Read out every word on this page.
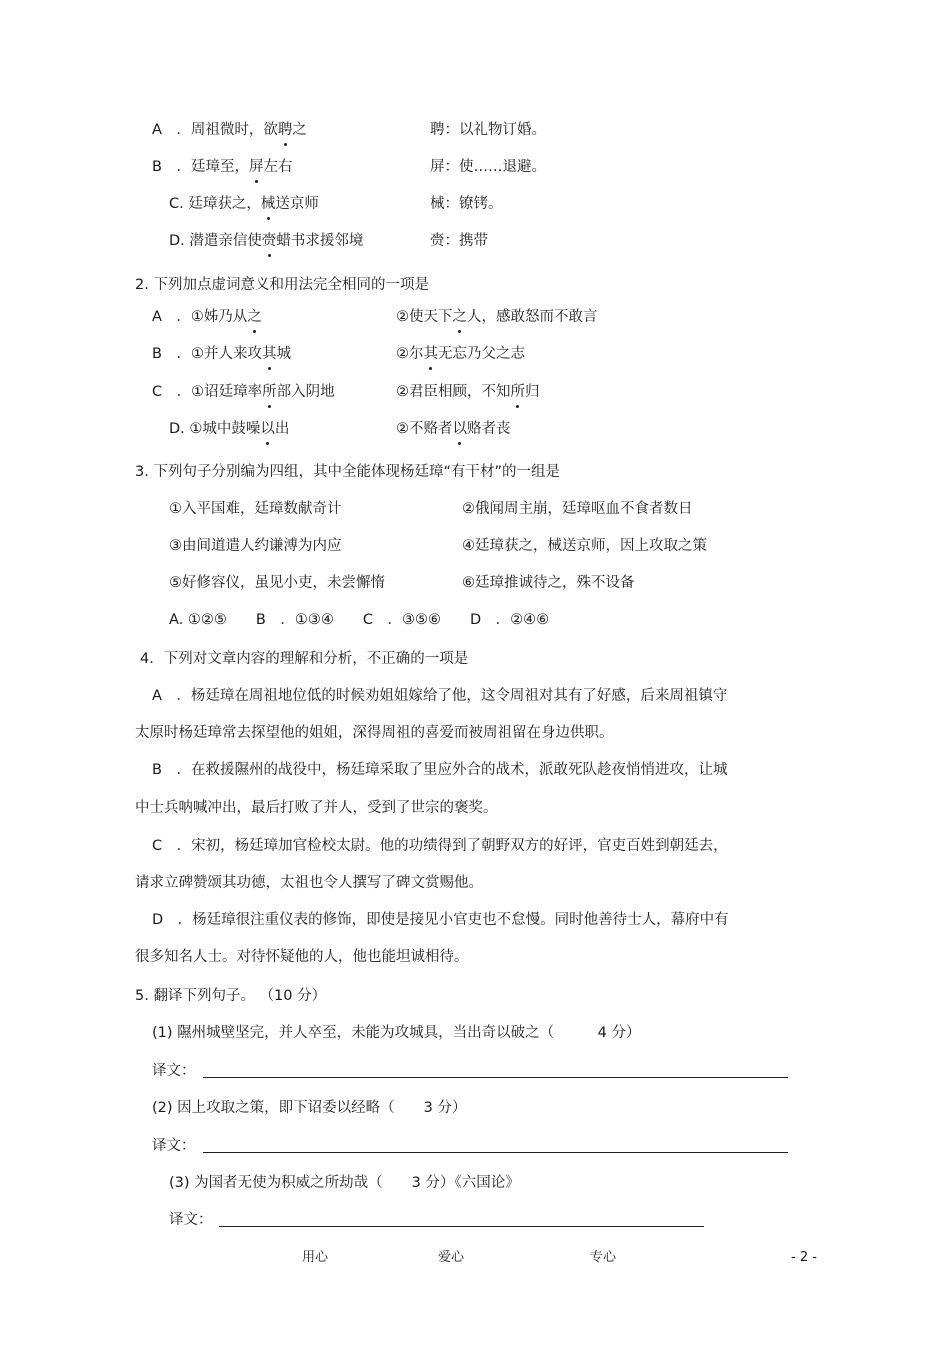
A　．周祖微时，欲聘之	聘：以礼物订婚。
B　．廷璋至，屏左右	屏：使……退避。
C. 廷璋获之，械送京师	械：镣铐。
D. 潜遣亲信使赍蜡书求援邻境	赍：携带
2. 下列加点虚词意义和用法完全相同的一项是
A　．①姊乃从之	②使天下之人，感敢怒而不敢言
B　．①并人来攻其城	②尔其无忘乃父之志
C　．①诏廷璋率所部入阴地	②君臣相顾，不知所归
D. ①城中鼓噪以出	②不赂者以赂者丧
3. 下列句子分别编为四组，其中全能体现杨廷璋“有干材”的一组是
①入平国难，廷璋数献奇计	②俄闻周主崩，廷璋呕血不食者数日
③由间道遣人约谦溥为内应	④廷璋获之，械送京师，因上攻取之策
⑤好修容仪，虽见小吏，未尝懈惰	⑥廷璋推诚待之，殊不设备
A. ①②⑤　　B　．①③④　　C　．③⑤⑥　　D　．②④⑥
4．下列对文章内容的理解和分析，不正确的一项是
A　．杨廷璋在周祖地位低的时候劝姐姐嫁给了他，这令周祖对其有了好感，后来周祖镇守
太原时杨廷璋常去探望他的姐姐，深得周祖的喜爱而被周祖留在身边供职。
B　．在救援隰州的战役中，杨廷璋采取了里应外合的战术，派敢死队趁夜悄悄进攻，让城
中士兵呐喊冲出，最后打败了并人，受到了世宗的褒奖。
C　．宋初，杨廷璋加官检校太尉。他的功绩得到了朝野双方的好评，官吏百姓到朝廷去，
请求立碑赞颂其功德，太祖也令人撰写了碑文赏赐他。
D　．杨廷璋很注重仪表的修饰，即使是接见小官吏也不怠慢。同时他善待士人，幕府中有
很多知名人士。对待怀疑他的人，他也能坦诚相待。
5. 翻译下列句子。 （10 分）
(1) 隰州城壁坚完，并人卒至，未能为攻城具，当出奇以破之（　　　4 分）
译文：
(2) 因上攻取之策，即下诏委以经略（　　3 分）
译文：
(3) 为国者无使为积威之所劫哉（　　3 分）《六国论》
译文：
用心	爱心	专心	- 2 -
